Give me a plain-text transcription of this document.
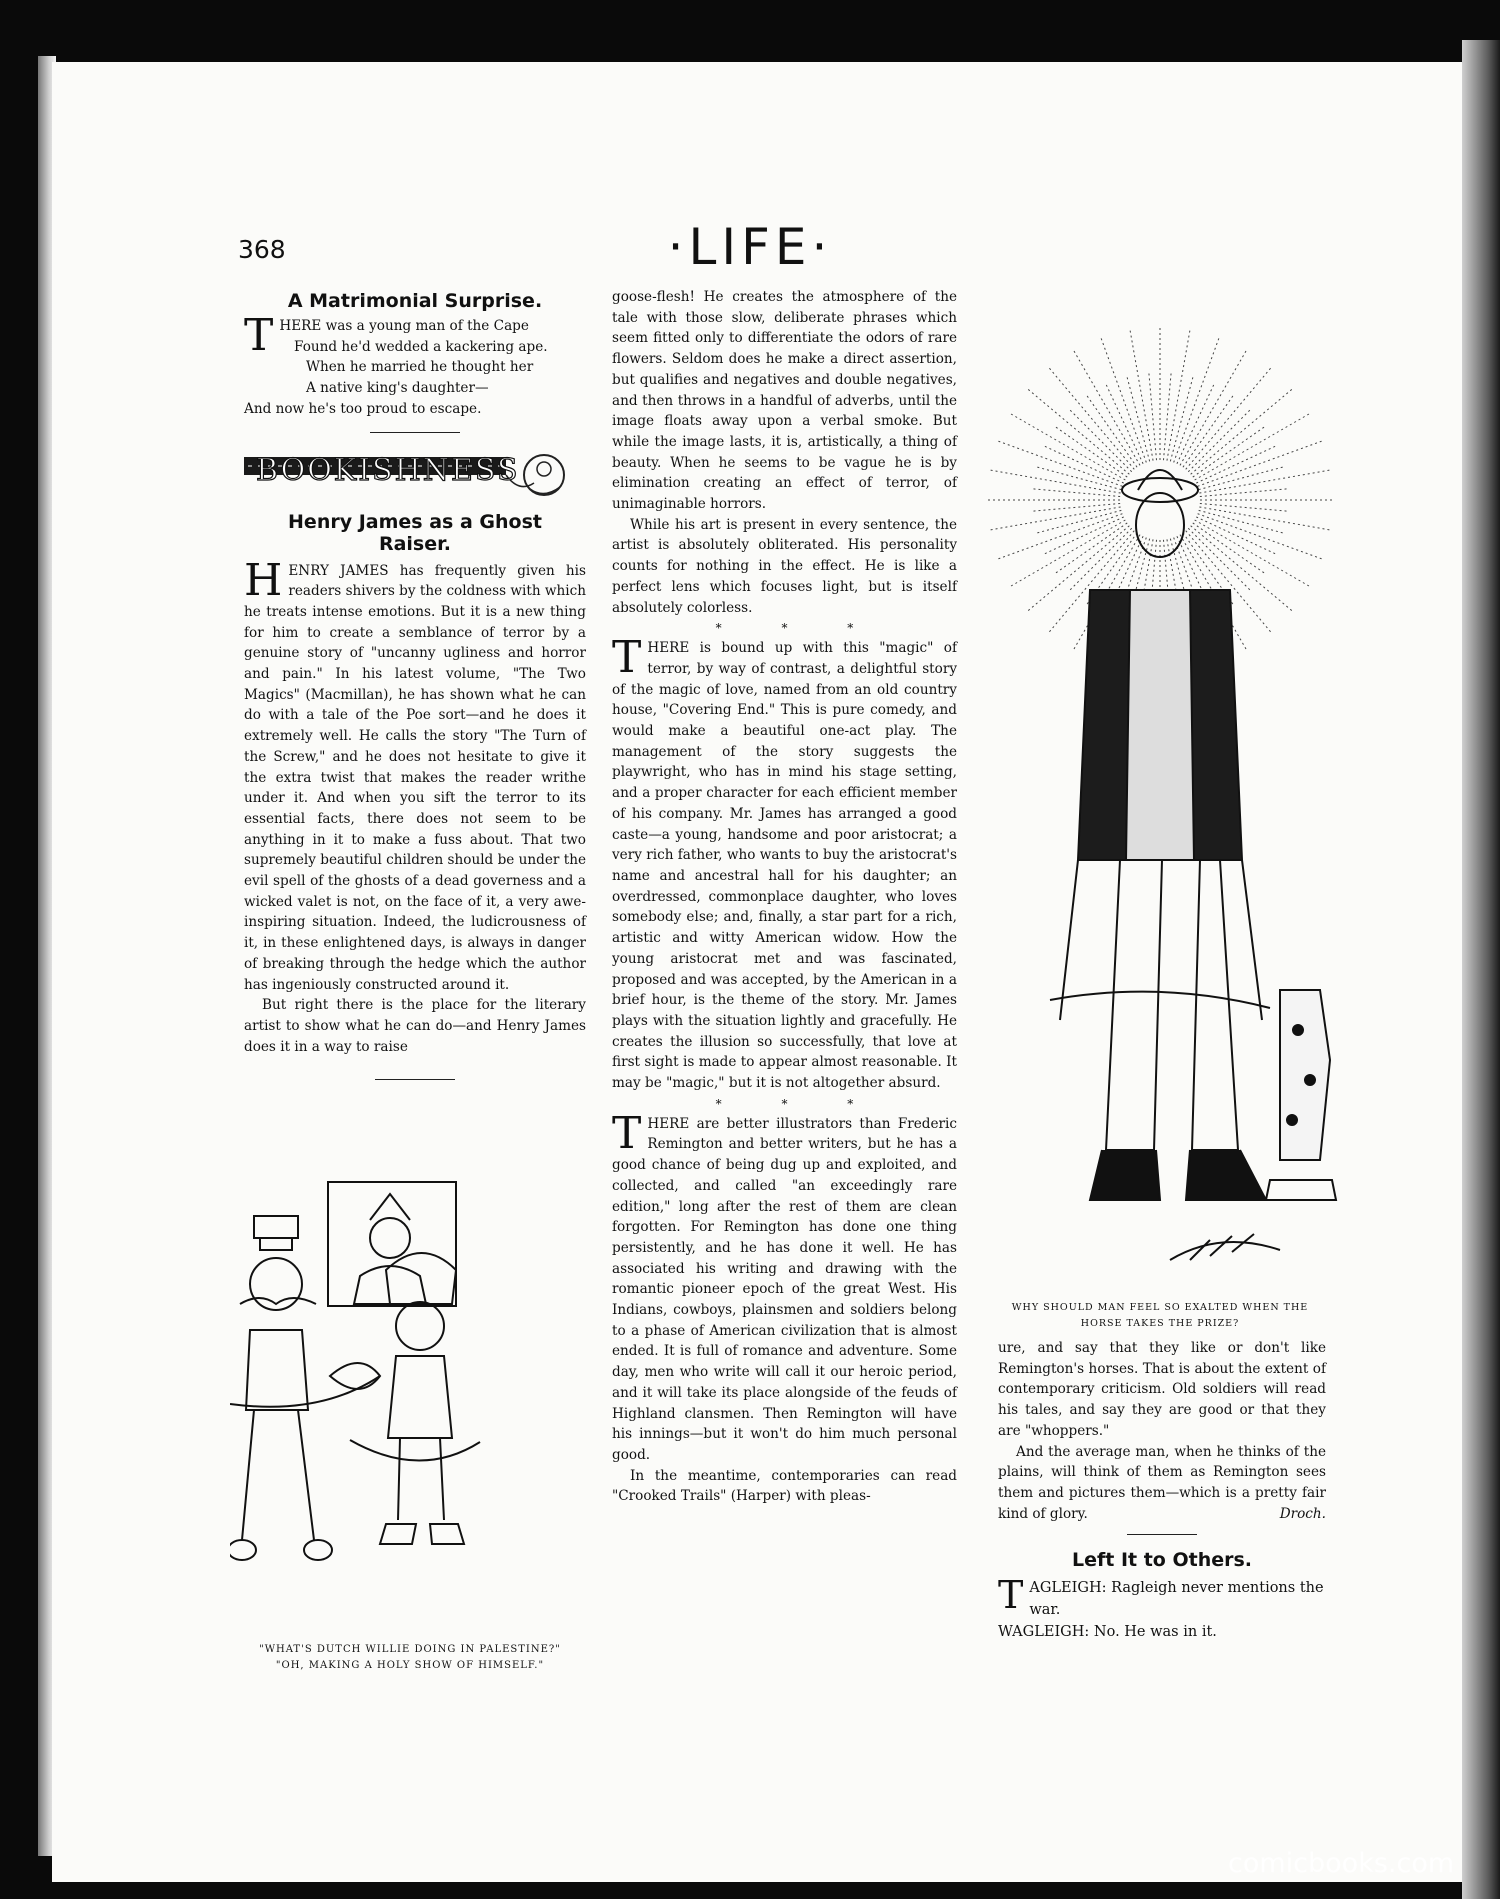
368	·LIFE·
A Matrimonial Surprise.
T HERE was a young man of the Cape
Found he'd wedded a kackering ape.
When he married he thought her
A native king's daughter—
And now he's too proud to escape.
BOOKISHNESS
Henry James as a Ghost Raiser.

H ENRY JAMES has frequently given his readers shivers by the coldness with which he treats intense emotions. But it is a new thing for him to create a semblance of terror by a genuine story of "uncanny ugliness and horror and pain." In his latest volume, "The Two Magics" (Macmillan), he has shown what he can do with a tale of the Poe sort—and he does it extremely well. He calls the story "The Turn of the Screw," and he does not hesitate to give it the extra twist that makes the reader writhe under it. And when you sift the terror to its essential facts, there does not seem to be anything in it to make a fuss about. That two supremely beautiful children should be under the evil spell of the ghosts of a dead governess and a wicked valet is not, on the face of it, a very awe-inspiring situation. Indeed, the ludicrousness of it, in these enlightened days, is always in danger of breaking through the hedge which the author has ingeniously constructed around it.

But right there is the place for the literary artist to show what he can do—and Henry James does it in a way to raise

"WHAT'S DUTCH WILLIE DOING IN PALESTINE?"
"OH, MAKING A HOLY SHOW OF HIMSELF."

goose-flesh! He creates the atmosphere of the tale with those slow, deliberate phrases which seem fitted only to differentiate the odors of rare flowers. Seldom does he make a direct assertion, but qualifies and negatives and double negatives, and then throws in a handful of adverbs, until the image floats away upon a verbal smoke. But while the image lasts, it is, artistically, a thing of beauty. When he seems to be vague he is by elimination creating an effect of terror, of unimaginable horrors.

While his art is present in every sentence, the artist is absolutely obliterated. His personality counts for nothing in the effect. He is like a perfect lens which focuses light, but is itself absolutely colorless.

* * *

T HERE is bound up with this "magic" of terror, by way of contrast, a delightful story of the magic of love, named from an old country house, "Covering End." This is pure comedy, and would make a beautiful one-act play. The management of the story suggests the playwright, who has in mind his stage setting, and a proper character for each efficient member of his company. Mr. James has arranged a good caste—a young, handsome and poor aristocrat; a very rich father, who wants to buy the aristocrat's name and ancestral hall for his daughter; an overdressed, commonplace daughter, who loves somebody else; and, finally, a star part for a rich, artistic and witty American widow. How the young aristocrat met and was fascinated, proposed and was accepted, by the American in a brief hour, is the theme of the story. Mr. James plays with the situation lightly and gracefully. He creates the illusion so successfully, that love at first sight is made to appear almost reasonable. It may be "magic," but it is not altogether absurd.

* * *

T HERE are better illustrators than Frederic Remington and better writers, but he has a good chance of being dug up and exploited, and collected, and called "an exceedingly rare edition," long after the rest of them are clean forgotten. For Remington has done one thing persistently, and he has done it well. He has associated his writing and drawing with the romantic pioneer epoch of the great West. His Indians, cowboys, plainsmen and soldiers belong to a phase of American civilization that is almost ended. It is full of romance and adventure. Some day, men who write will call it our heroic period, and it will take its place alongside of the feuds of Highland clansmen. Then Remington will have his innings—but it won't do him much personal good.

In the meantime, contemporaries can read "Crooked Trails" (Harper) with pleas-

WHY SHOULD MAN FEEL SO EXALTED WHEN THE
HORSE TAKES THE PRIZE?

ure, and say that they like or don't like Remington's horses. That is about the extent of contemporary criticism. Old soldiers will read his tales, and say they are good or that they are "whoppers."

And the average man, when he thinks of the plains, will think of them as Remington sees them and pictures them—which is a pretty fair kind of glory.	Droch.

Left It to Others.

T AGLEIGH: Ragleigh never mentions the war.

WAGLEIGH: No. He was in it.

comicbooks.com
